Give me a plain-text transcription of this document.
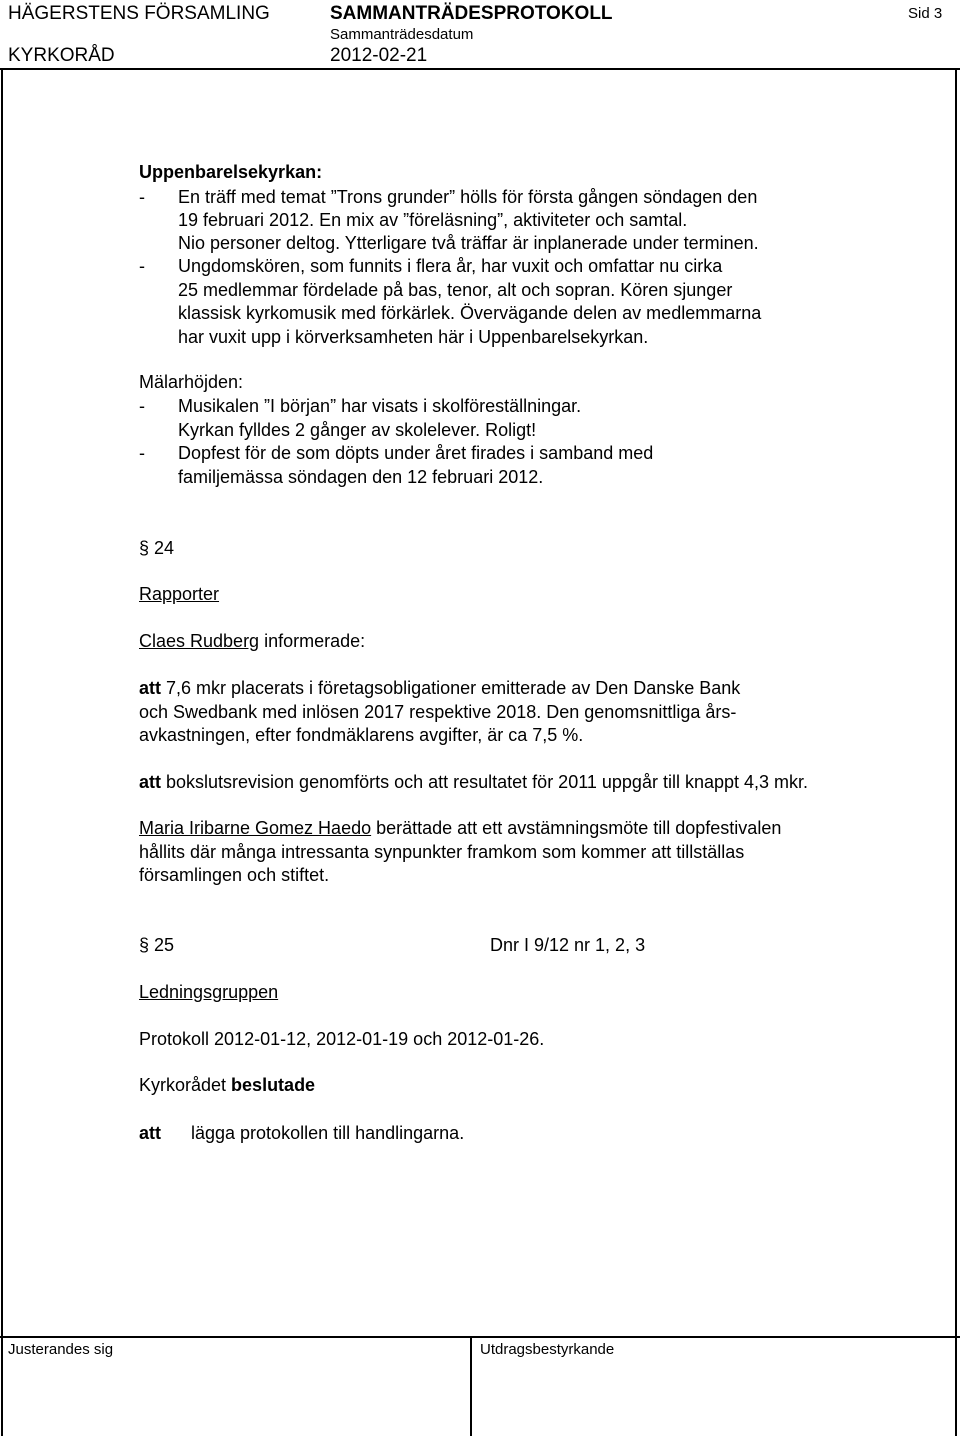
HÄGERSTENS FÖRSAMLING
KYRKORÅD
SAMMANTRÄDESPROTOKOLL
Sammanträdesdatum
2012-02-21
Sid 3
Uppenbarelsekyrkan:
- En träff med temat ”Trons grunder” hölls för första gången söndagen den
19 februari 2012. En mix av ”föreläsning”, aktiviteter och samtal.
Nio personer deltog. Ytterligare två träffar är inplanerade under terminen.
- Ungdomskören, som funnits i flera år, har vuxit och omfattar nu cirka
25 medlemmar fördelade på bas, tenor, alt och sopran. Kören sjunger
klassisk kyrkomusik med förkärlek. Övervägande delen av medlemmarna
har vuxit upp i körverksamheten här i Uppenbarelsekyrkan.
Mälarhöjden:
- Musikalen ”I början” har visats i skolföreställningar.
Kyrkan fylldes 2 gånger av skolelever. Roligt!
- Dopfest för de som döpts under året firades i samband med
familjemässa söndagen den 12 februari 2012.
§ 24
Rapporter
Claes Rudberg informerade:
att 7,6 mkr placerats i företagsobligationer emitterade av Den Danske Bank
och Swedbank med inlösen 2017 respektive 2018. Den genomsnittliga års-
avkastningen, efter fondmäklarens avgifter, är ca 7,5 %.
att bokslutsrevision genomförts och att resultatet för 2011 uppgår till knappt 4,3 mkr.
Maria Iribarne Gomez Haedo berättade att ett avstämningsmöte till dopfestivalen
hållits där många intressanta synpunkter framkom som kommer att tillställas
församlingen och stiftet.
§ 25	Dnr I 9/12 nr 1, 2, 3
Ledningsgruppen
Protokoll 2012-01-12, 2012-01-19 och 2012-01-26.
Kyrkorådet beslutade
att lägga protokollen till handlingarna.
Justerandes sig	Utdragsbestyrkande
